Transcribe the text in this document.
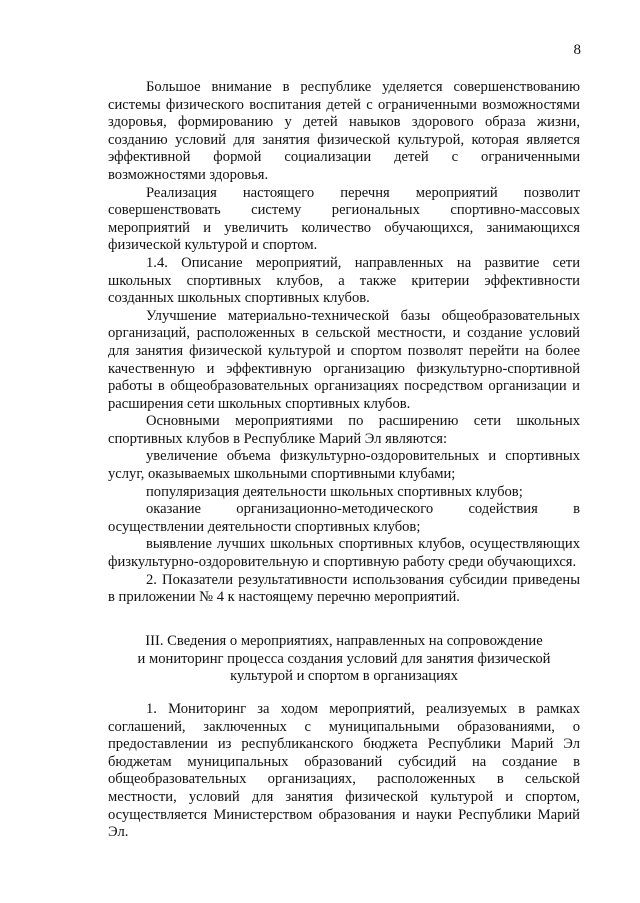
8

Большое внимание в республике уделяется совершенствованию системы физического воспитания детей с ограниченными возможностями здоровья, формированию у детей навыков здорового образа жизни, созданию условий для занятия физической культурой, которая является эффективной формой социализации детей с ограниченными возможностями здоровья.

Реализация настоящего перечня мероприятий позволит совершенствовать систему региональных спортивно-массовых мероприятий и увеличить количество обучающихся, занимающихся физической культурой и спортом.

1.4. Описание мероприятий, направленных на развитие сети школьных спортивных клубов, а также критерии эффективности созданных школьных спортивных клубов.

Улучшение материально-технической базы общеобразовательных организаций, расположенных в сельской местности, и создание условий для занятия физической культурой и спортом позволят перейти на более качественную и эффективную организацию физкультурно-спортивной работы в общеобразовательных организациях посредством организации и расширения сети школьных спортивных клубов.

Основными мероприятиями по расширению сети школьных спортивных клубов в Республике Марий Эл являются:

увеличение объема физкультурно-оздоровительных и спортивных услуг, оказываемых школьными спортивными клубами;

популяризация деятельности школьных спортивных клубов;

оказание организационно-методического содействия в осуществлении деятельности спортивных клубов;

выявление лучших школьных спортивных клубов, осуществляющих физкультурно-оздоровительную и спортивную работу среди обучающихся.

2. Показатели результативности использования субсидии приведены в приложении № 4 к настоящему перечню мероприятий.

III. Сведения о мероприятиях, направленных на сопровождение
и мониторинг процесса создания условий для занятия физической
культурой и спортом в организациях

1. Мониторинг за ходом мероприятий, реализуемых в рамках соглашений, заключенных с муниципальными образованиями, о предоставлении из республиканского бюджета Республики Марий Эл бюджетам муниципальных образований субсидий на создание в общеобразовательных организациях, расположенных в сельской местности, условий для занятия физической культурой и спортом, осуществляется Министерством образования и науки Республики Марий Эл.
